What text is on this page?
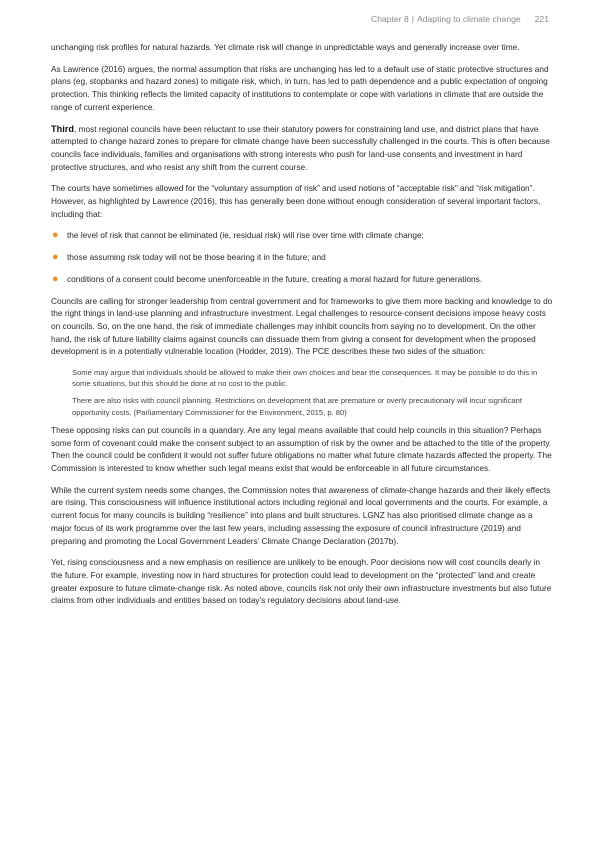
Chapter 8 | Adapting to climate change 221

unchanging risk profiles for natural hazards. Yet climate risk will change in unpredictable ways and generally increase over time.

As Lawrence (2016) argues, the normal assumption that risks are unchanging has led to a default use of static protective structures and plans (eg, stopbanks and hazard zones) to mitigate risk, which, in turn, has led to path dependence and a public expectation of ongoing protection. This thinking reflects the limited capacity of institutions to contemplate or cope with variations in climate that are outside the range of current experience.

Third, most regional councils have been reluctant to use their statutory powers for constraining land use, and district plans that have attempted to change hazard zones to prepare for climate change have been successfully challenged in the courts. This is often because councils face individuals, families and organisations with strong interests who push for land-use consents and investment in hard protective structures, and who resist any shift from the current course.

The courts have sometimes allowed for the “voluntary assumption of risk” and used notions of “acceptable risk” and “risk mitigation”. However, as highlighted by Lawrence (2016), this has generally been done without enough consideration of several important factors, including that:

● the level of risk that cannot be eliminated (ie, residual risk) will rise over time with climate change;
● those assuming risk today will not be those bearing it in the future; and
● conditions of a consent could become unenforceable in the future, creating a moral hazard for future generations.

Councils are calling for stronger leadership from central government and for frameworks to give them more backing and knowledge to do the right things in land-use planning and infrastructure investment. Legal challenges to resource-consent decisions impose heavy costs on councils. So, on the one hand, the risk of immediate challenges may inhibit councils from saying no to development. On the other hand, the risk of future liability claims against councils can dissuade them from giving a consent for development when the proposed development is in a potentially vulnerable location (Hodder, 2019). The PCE describes these two sides of the situation:

Some may argue that individuals should be allowed to make their own choices and bear the consequences. It may be possible to do this in some situations, but this should be done at no cost to the public.

There are also risks with council planning. Restrictions on development that are premature or overly precautionary will incur significant opportunity costs. (Parliamentary Commissioner for the Environment, 2015, p. 80)

These opposing risks can put councils in a quandary. Are any legal means available that could help councils in this situation? Perhaps some form of covenant could make the consent subject to an assumption of risk by the owner and be attached to the title of the property. Then the council could be confident it would not suffer future obligations no matter what future climate hazards affected the property. The Commission is interested to know whether such legal means exist that would be enforceable in all future circumstances.

While the current system needs some changes, the Commission notes that awareness of climate-change hazards and their likely effects are rising. This consciousness will influence institutional actors including regional and local governments and the courts. For example, a current focus for many councils is building “resilience” into plans and built structures. LGNZ has also prioritised climate change as a major focus of its work programme over the last few years, including assessing the exposure of council infrastructure (2019) and preparing and promoting the Local Government Leaders’ Climate Change Declaration (2017b).

Yet, rising consciousness and a new emphasis on resilience are unlikely to be enough. Poor decisions now will cost councils dearly in the future. For example, investing now in hard structures for protection could lead to development on the “protected” land and create greater exposure to future climate-change risk. As noted above, councils risk not only their own infrastructure investments but also future claims from other individuals and entities based on today’s regulatory decisions about land-use.
